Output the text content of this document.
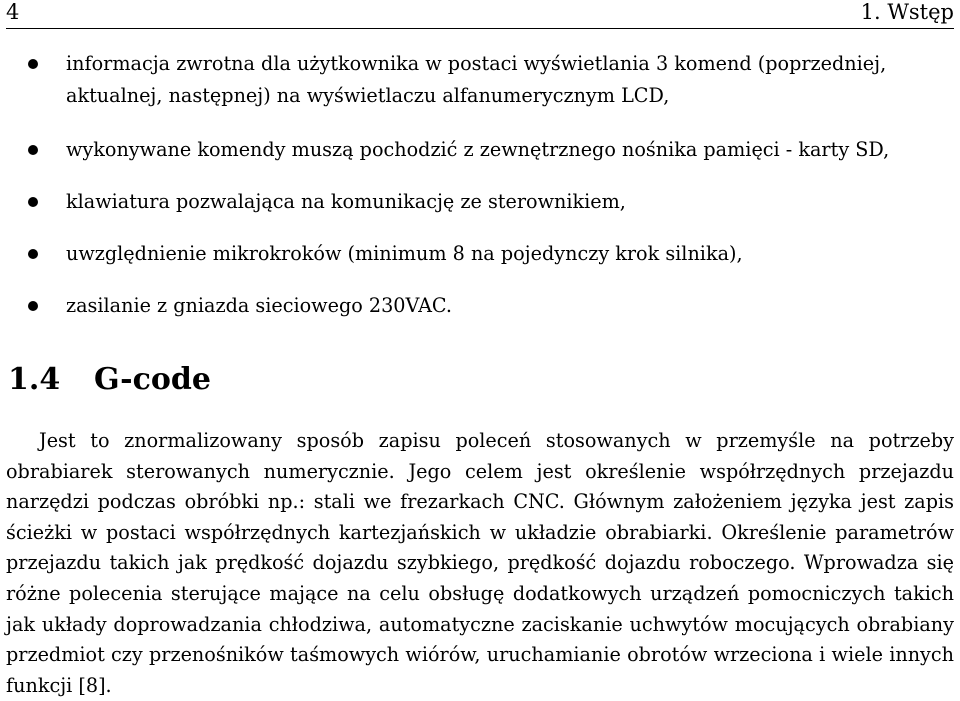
4	1. Wstęp
informacja zwrotna dla użytkownika w postaci wyświetlania 3 komend (poprzedniej, aktualnej, następnej) na wyświetlaczu alfanumerycznym LCD,
wykonywane komendy muszą pochodzić z zewnętrznego nośnika pamięci - karty SD,
klawiatura pozwalająca na komunikację ze sterownikiem,
uwzględnienie mikrokroków (minimum 8 na pojedynczy krok silnika),
zasilanie z gniazda sieciowego 230VAC.
1.4 G-code

Jest to znormalizowany sposób zapisu poleceń stosowanych w przemyśle na potrzeby obrabiarek sterowanych numerycznie. Jego celem jest określenie współrzędnych przejazdu narzędzi podczas obróbki np.: stali we frezarkach CNC. Głównym założeniem języka jest zapis ścieżki w postaci współrzędnych kartezjańskich w układzie obrabiarki. Określenie parametrów przejazdu takich jak prędkość dojazdu szybkiego, prędkość dojazdu roboczego. Wprowadza się różne polecenia sterujące mające na celu obsługę dodatkowych urządzeń pomocniczych takich jak układy doprowadzania chłodziwa, automatyczne zaciskanie uchwytów mocujących obrabiany przedmiot czy przenośników taśmowych wiórów, uruchamianie obrotów wrzeciona i wiele innych funkcji [8].
